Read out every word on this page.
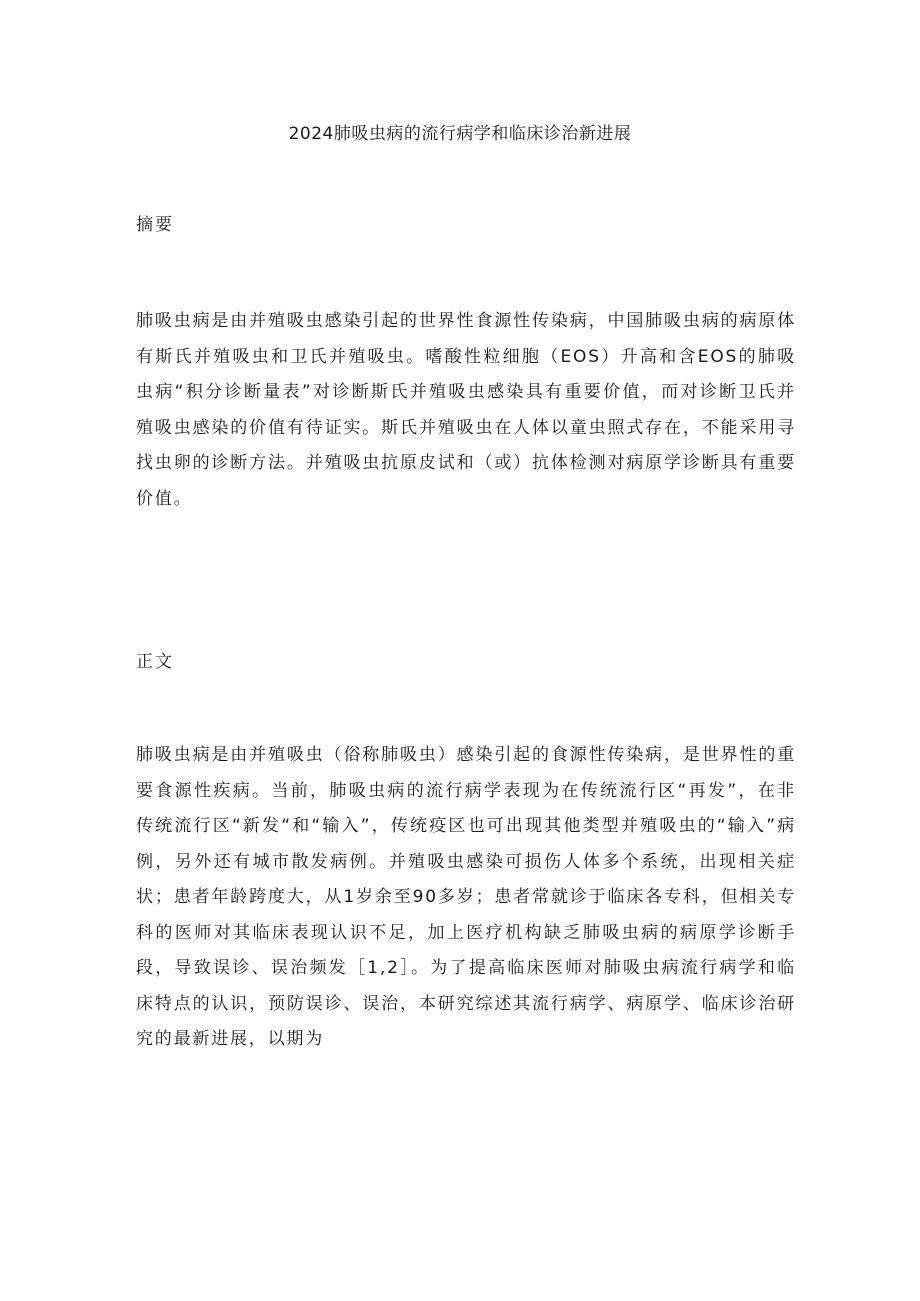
2024肺吸虫病的流行病学和临床诊治新进展
摘要

肺吸虫病是由并殖吸虫感染引起的世界性食源性传染病，中国肺吸虫病的病原体有斯氏并殖吸虫和卫氏并殖吸虫。嗜酸性粒细胞（EOS）升高和含EOS的肺吸虫病“积分诊断量表”对诊断斯氏并殖吸虫感染具有重要价值，而对诊断卫氏并殖吸虫感染的价值有待证实。斯氏并殖吸虫在人体以童虫照式存在，不能采用寻找虫卵的诊断方法。并殖吸虫抗原皮试和（或）抗体检测对病原学诊断具有重要价值。

正文

肺吸虫病是由并殖吸虫（俗称肺吸虫）感染引起的食源性传染病，是世界性的重要食源性疾病。当前，肺吸虫病的流行病学表现为在传统流行区“再发”，在非传统流行区“新发“和“输入”，传统疫区也可出现其他类型并殖吸虫的“输入”病例，另外还有城市散发病例。并殖吸虫感染可损伤人体多个系统，出现相关症状；患者年龄跨度大，从1岁余至90多岁；患者常就诊于临床各专科，但相关专科的医师对其临床表现认识不足，加上医疗机构缺乏肺吸虫病的病原学诊断手段，导致误诊、误治频发［1,2］。为了提高临床医师对肺吸虫病流行病学和临床特点的认识，预防误诊、误治，本研究综述其流行病学、病原学、临床诊治研究的最新进展，以期为
